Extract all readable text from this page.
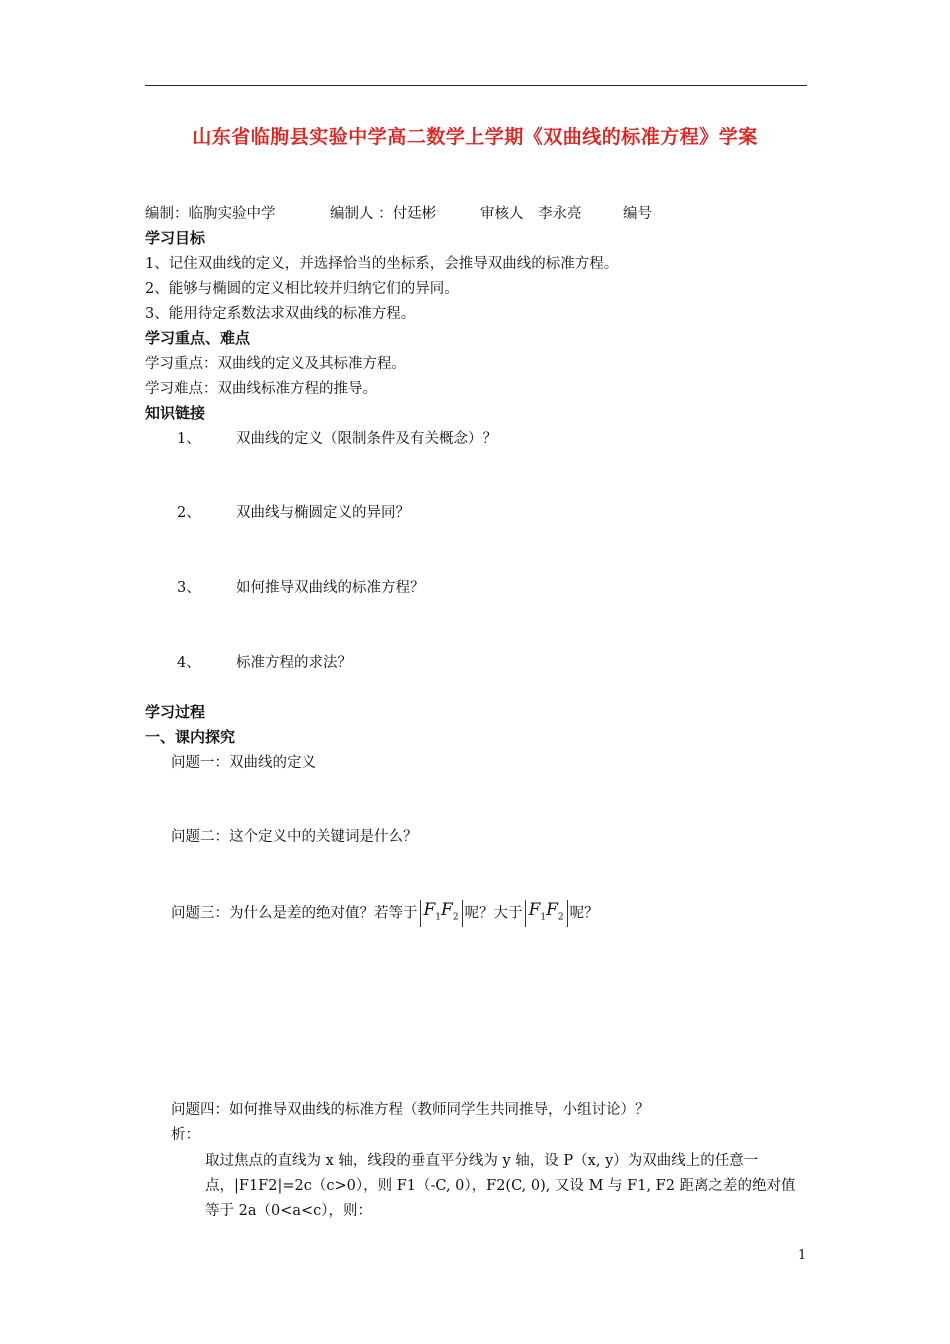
山东省临朐县实验中学高二数学上学期《双曲线的标准方程》学案
编制：临朐实验中学	编制人 ：付廷彬	审核人　李永亮	编号
学习目标
1、记住双曲线的定义，并选择恰当的坐标系，会推导双曲线的标准方程。
2、能够与椭圆的定义相比较并归纳它们的异同。
3、能用待定系数法求双曲线的标准方程。
学习重点、难点
学习重点：双曲线的定义及其标准方程。
学习难点：双曲线标准方程的推导。
知识链接
1、 双曲线的定义（限制条件及有关概念）？
2、 双曲线与椭圆定义的异同？
3、 如何推导双曲线的标准方程？
4、 标准方程的求法？
学习过程
一、课内探究
问题一：双曲线的定义
问题二：这个定义中的关键词是什么？
问题三：为什么是差的绝对值？若等于 $F_1F_2$ 呢？大于 $F_1F_2$ 呢？
问题四：如何推导双曲线的标准方程（教师同学生共同推导，小组讨论）？
析：
取过焦点的直线为 x 轴，线段的垂直平分线为 y 轴，设 P（x, y）为双曲线上的任意一
点，|F1F2|=2c（c>0），则 F1（-C, 0），F2(C, 0), 又设 M 与 F1, F2 距离之差的绝对值
等于 2a（0<a<c），则：
1
